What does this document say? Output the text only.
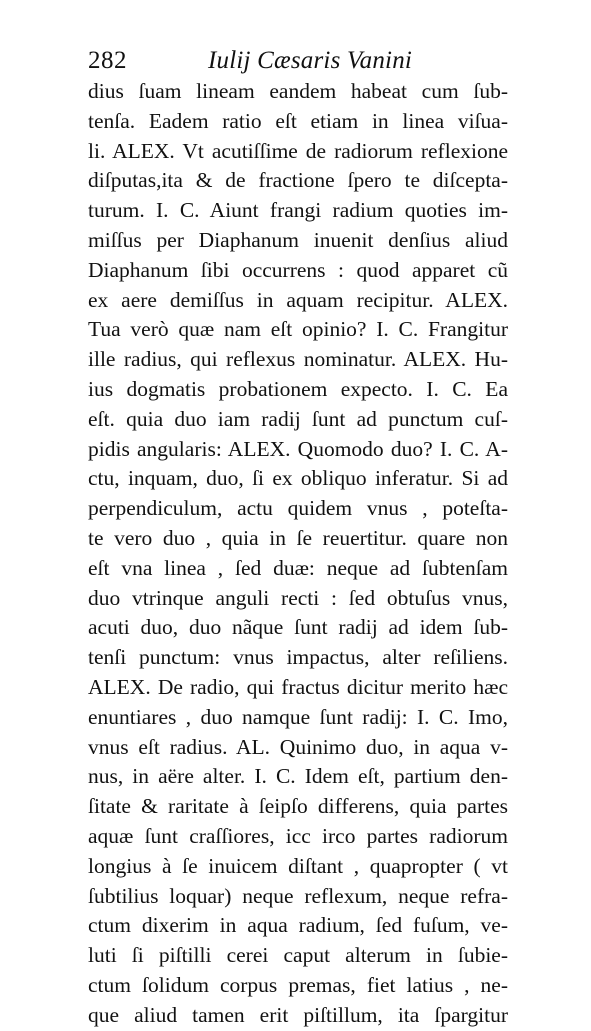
282	Iulij Cæsaris Vanini
dius ſuam lineam eandem habeat cum ſub-
tenſa. Eadem ratio eſt etiam in linea viſua-
li. ALEX. Vt acutiſſime de radiorum reflexione
diſputas,ita & de fractione ſpero te diſcepta-
turum. I. C. Aiunt frangi radium quoties im-
miſſus per Diaphanum inuenit denſius aliud
Diaphanum ſibi occurrens : quod apparet cũ
ex aere demiſſus in aquam recipitur. ALEX.
Tua verò quæ nam eſt opinio? I. C. Frangitur
ille radius, qui reflexus nominatur. ALEX. Hu-
ius dogmatis probationem expecto. I. C. Ea
eſt. quia duo iam radij ſunt ad punctum cuſ-
pidis angularis: ALEX. Quomodo duo? I. C. A-
ctu, inquam, duo, ſi ex obliquo inferatur. Si ad
perpendiculum, actu quidem vnus , poteſta-
te vero duo , quia in ſe reuertitur. quare non
eſt vna linea , ſed duæ: neque ad ſubtenſam
duo vtrinque anguli recti : ſed obtuſus vnus,
acuti duo, duo nãque ſunt radij ad idem ſub-
tenſi punctum: vnus impactus, alter reſiliens.
ALEX. De radio, qui fractus dicitur merito hæc
enuntiares , duo namque ſunt radij: I. C. Imo,
vnus eſt radius. AL. Quinimo duo, in aqua v-
nus, in aëre alter. I. C. Idem eſt, partium den-
ſitate & raritate à ſeipſo differens, quia partes
aquæ ſunt craſſiores, icc irco partes radiorum
longius à ſe inuicem diſtant , quapropter ( vt
ſubtilius loquar) neque reflexum, neque refra-
ctum dixerim in aqua radium, ſed fuſum, ve-
luti ſi piſtilli cerei caput alterum in ſubie-
ctum ſolidum corpus premas, fiet latius , ne-
que aliud tamen erit piſtillum, ita ſpargitur
